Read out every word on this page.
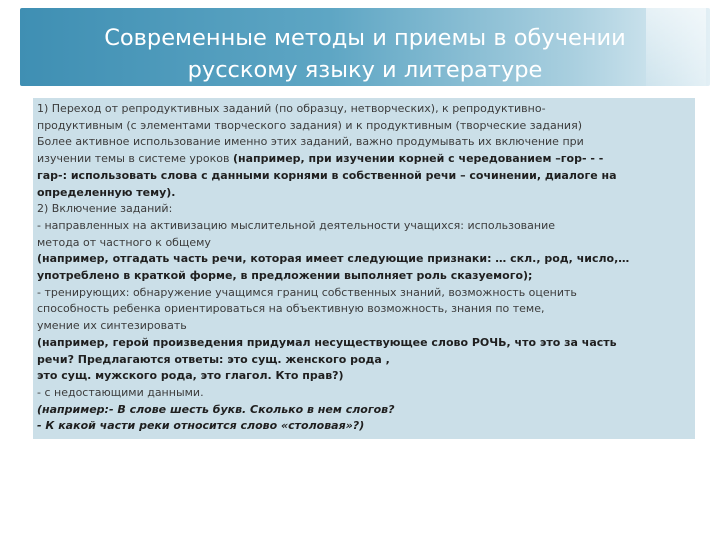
Современные методы и приемы в обучении
русскому языку и литературе
1) Переход от репродуктивных заданий (по образцу, нетворческих), к репродуктивно-
продуктивным (с элементами творческого задания) и к продуктивным (творческие задания)
Более активное использование именно этих заданий, важно продумывать их включение при
изучении темы в системе уроков (например, при изучении корней с чередованием –гор- - -
гар-: использовать слова с данными корнями в собственной речи – сочинении, диалоге на
определенную тему).
2) Включение заданий:
- направленных на активизацию мыслительной деятельности учащихся: использование
метода от частного к общему
(например, отгадать часть речи, которая имеет следующие признаки: … скл., род, число,…
употреблено в краткой форме, в предложении выполняет роль сказуемого);
- тренирующих: обнаружение учащимся границ собственных знаний, возможность оценить
способность ребенка ориентироваться на объективную возможность, знания по теме,
умение их синтезировать
(например, герой произведения придумал несуществующее слово РОЧЬ, что это за часть
речи? Предлагаются ответы: это сущ. женского рода ,
это сущ. мужского рода, это глагол. Кто прав?)
- с недостающими данными.
(например:- В слове шесть букв. Сколько в нем слогов?
- К какой части реки относится слово «столовая»?)
